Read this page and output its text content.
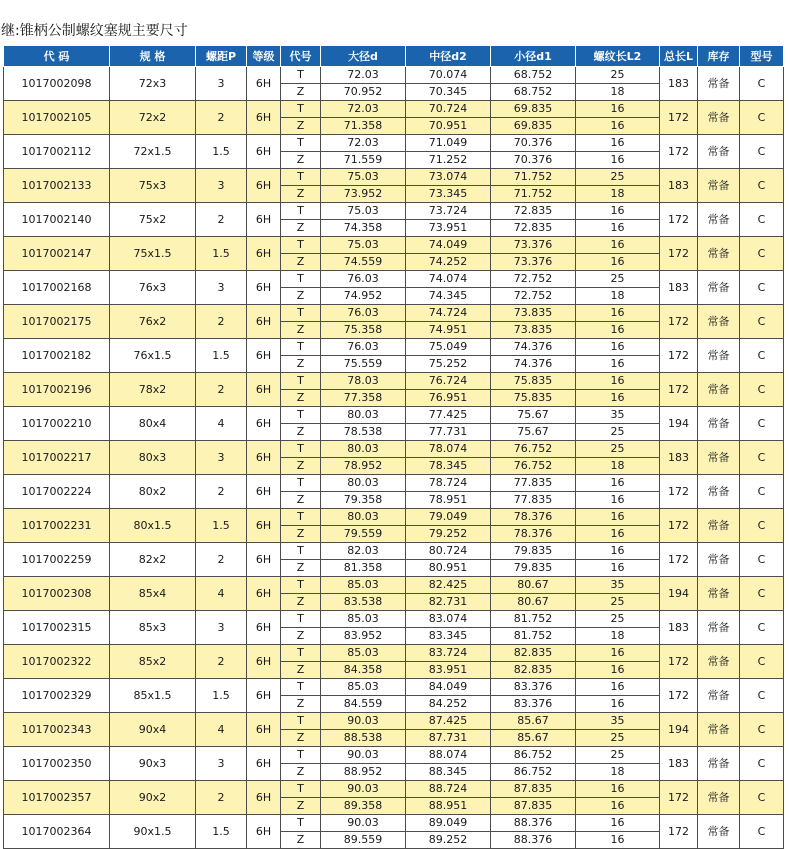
继:锥柄公制螺纹塞规主要尺寸
代 码	规 格	螺距P	等级	代号	大径d	中径d2	小径d1	螺纹长L2	总长L	库存	型号
1017002098	72x3	3	6H	T	72.03	70.074	68.752	25	183	常备	C
				Z	70.952	70.345	68.752	18			
1017002105	72x2	2	6H	T	72.03	70.724	69.835	16	172	常备	C
				Z	71.358	70.951	69.835	16			
1017002112	72x1.5	1.5	6H	T	72.03	71.049	70.376	16	172	常备	C
				Z	71.559	71.252	70.376	16			
1017002133	75x3	3	6H	T	75.03	73.074	71.752	25	183	常备	C
				Z	73.952	73.345	71.752	18			
1017002140	75x2	2	6H	T	75.03	73.724	72.835	16	172	常备	C
				Z	74.358	73.951	72.835	16			
1017002147	75x1.5	1.5	6H	T	75.03	74.049	73.376	16	172	常备	C
				Z	74.559	74.252	73.376	16			
1017002168	76x3	3	6H	T	76.03	74.074	72.752	25	183	常备	C
				Z	74.952	74.345	72.752	18			
1017002175	76x2	2	6H	T	76.03	74.724	73.835	16	172	常备	C
				Z	75.358	74.951	73.835	16			
1017002182	76x1.5	1.5	6H	T	76.03	75.049	74.376	16	172	常备	C
				Z	75.559	75.252	74.376	16			
1017002196	78x2	2	6H	T	78.03	76.724	75.835	16	172	常备	C
				Z	77.358	76.951	75.835	16			
1017002210	80x4	4	6H	T	80.03	77.425	75.67	35	194	常备	C
				Z	78.538	77.731	75.67	25			
1017002217	80x3	3	6H	T	80.03	78.074	76.752	25	183	常备	C
				Z	78.952	78.345	76.752	18			
1017002224	80x2	2	6H	T	80.03	78.724	77.835	16	172	常备	C
				Z	79.358	78.951	77.835	16			
1017002231	80x1.5	1.5	6H	T	80.03	79.049	78.376	16	172	常备	C
				Z	79.559	79.252	78.376	16			
1017002259	82x2	2	6H	T	82.03	80.724	79.835	16	172	常备	C
				Z	81.358	80.951	79.835	16			
1017002308	85x4	4	6H	T	85.03	82.425	80.67	35	194	常备	C
				Z	83.538	82.731	80.67	25			
1017002315	85x3	3	6H	T	85.03	83.074	81.752	25	183	常备	C
				Z	83.952	83.345	81.752	18			
1017002322	85x2	2	6H	T	85.03	83.724	82.835	16	172	常备	C
				Z	84.358	83.951	82.835	16			
1017002329	85x1.5	1.5	6H	T	85.03	84.049	83.376	16	172	常备	C
				Z	84.559	84.252	83.376	16			
1017002343	90x4	4	6H	T	90.03	87.425	85.67	35	194	常备	C
				Z	88.538	87.731	85.67	25			
1017002350	90x3	3	6H	T	90.03	88.074	86.752	25	183	常备	C
				Z	88.952	88.345	86.752	18			
1017002357	90x2	2	6H	T	90.03	88.724	87.835	16	172	常备	C
				Z	89.358	88.951	87.835	16			
1017002364	90x1.5	1.5	6H	T	90.03	89.049	88.376	16	172	常备	C
				Z	89.559	89.252	88.376	16			
